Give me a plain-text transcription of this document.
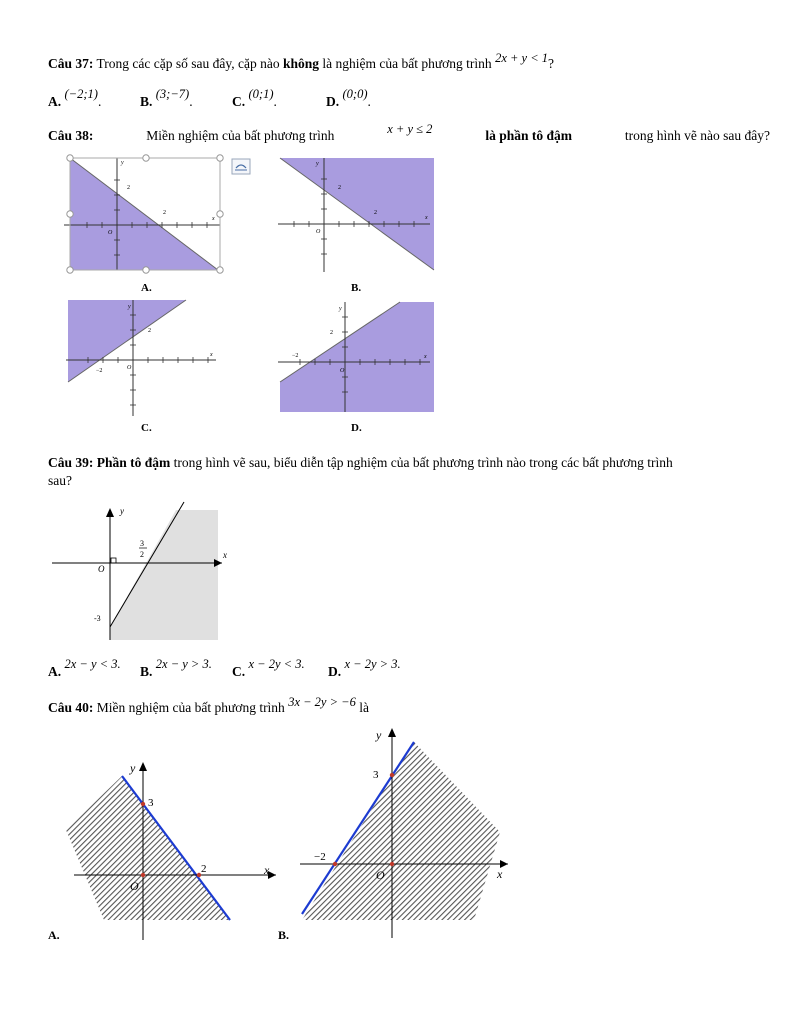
Câu 37: Trong các cặp số sau đây, cặp nào không là nghiệm của bất phương trình 2x + y < 1?
A. (−2;1).	B. (3;−7).	C. (0;1).	D. (0;0).
Câu 38:	Miền nghiệm của bất phương trình	x + y ≤ 2	là phần tô đậm	trong hình vẽ nào sau đây?
y
x
O
2
2
A.
y
x
O
2
2
B.
y
x
O
2
−2
C.
y
x
O
2
−2
D.
Câu 39: Phần tô đậm trong hình vẽ sau, biểu diễn tập nghiệm của bất phương trình nào trong các bất phương trình
sau?
y
x
O
3
2
-3
A. 2x − y < 3. B. 2x − y > 3. C. x − 2y < 3. D. x − 2y > 3.
Câu 40: Miền nghiệm của bất phương trình 3x − 2y > −6 là
y
x
O
3
2
A.
y
x
O
3
−2
B.
